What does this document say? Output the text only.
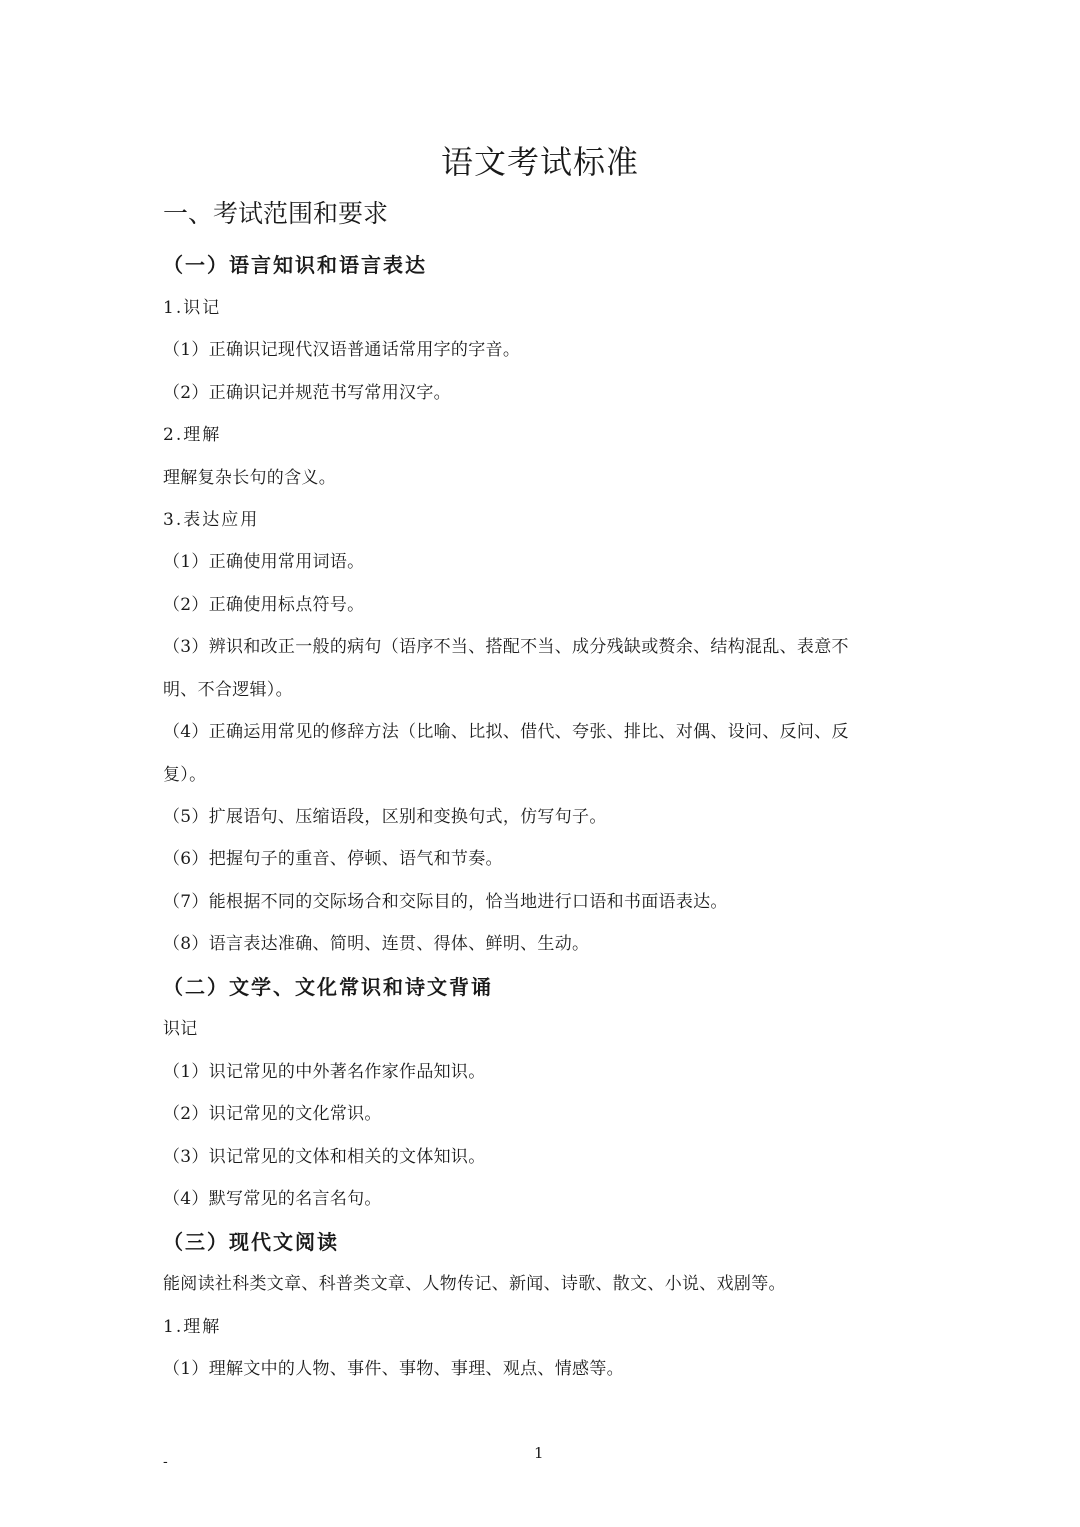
语文考试标准
一、考试范围和要求
（一）语言知识和语言表达
1.识记
（1）正确识记现代汉语普通话常用字的字音。
（2）正确识记并规范书写常用汉字。
2.理解
理解复杂长句的含义。
3.表达应用
（1）正确使用常用词语。
（2）正确使用标点符号。
（3）辨识和改正一般的病句（语序不当、搭配不当、成分残缺或赘余、结构混乱、表意不
明、不合逻辑）。
（4）正确运用常见的修辞方法（比喻、比拟、借代、夸张、排比、对偶、设问、反问、反
复）。
（5）扩展语句、压缩语段，区别和变换句式，仿写句子。
（6）把握句子的重音、停顿、语气和节奏。
（7）能根据不同的交际场合和交际目的，恰当地进行口语和书面语表达。
（8）语言表达准确、简明、连贯、得体、鲜明、生动。
（二）文学、文化常识和诗文背诵
识记
（1）识记常见的中外著名作家作品知识。
（2）识记常见的文化常识。
（3）识记常见的文体和相关的文体知识。
（4）默写常见的名言名句。
（三）现代文阅读
能阅读社科类文章、科普类文章、人物传记、新闻、诗歌、散文、小说、戏剧等。
1.理解
（1）理解文中的人物、事件、事物、事理、观点、情感等。
-	1
